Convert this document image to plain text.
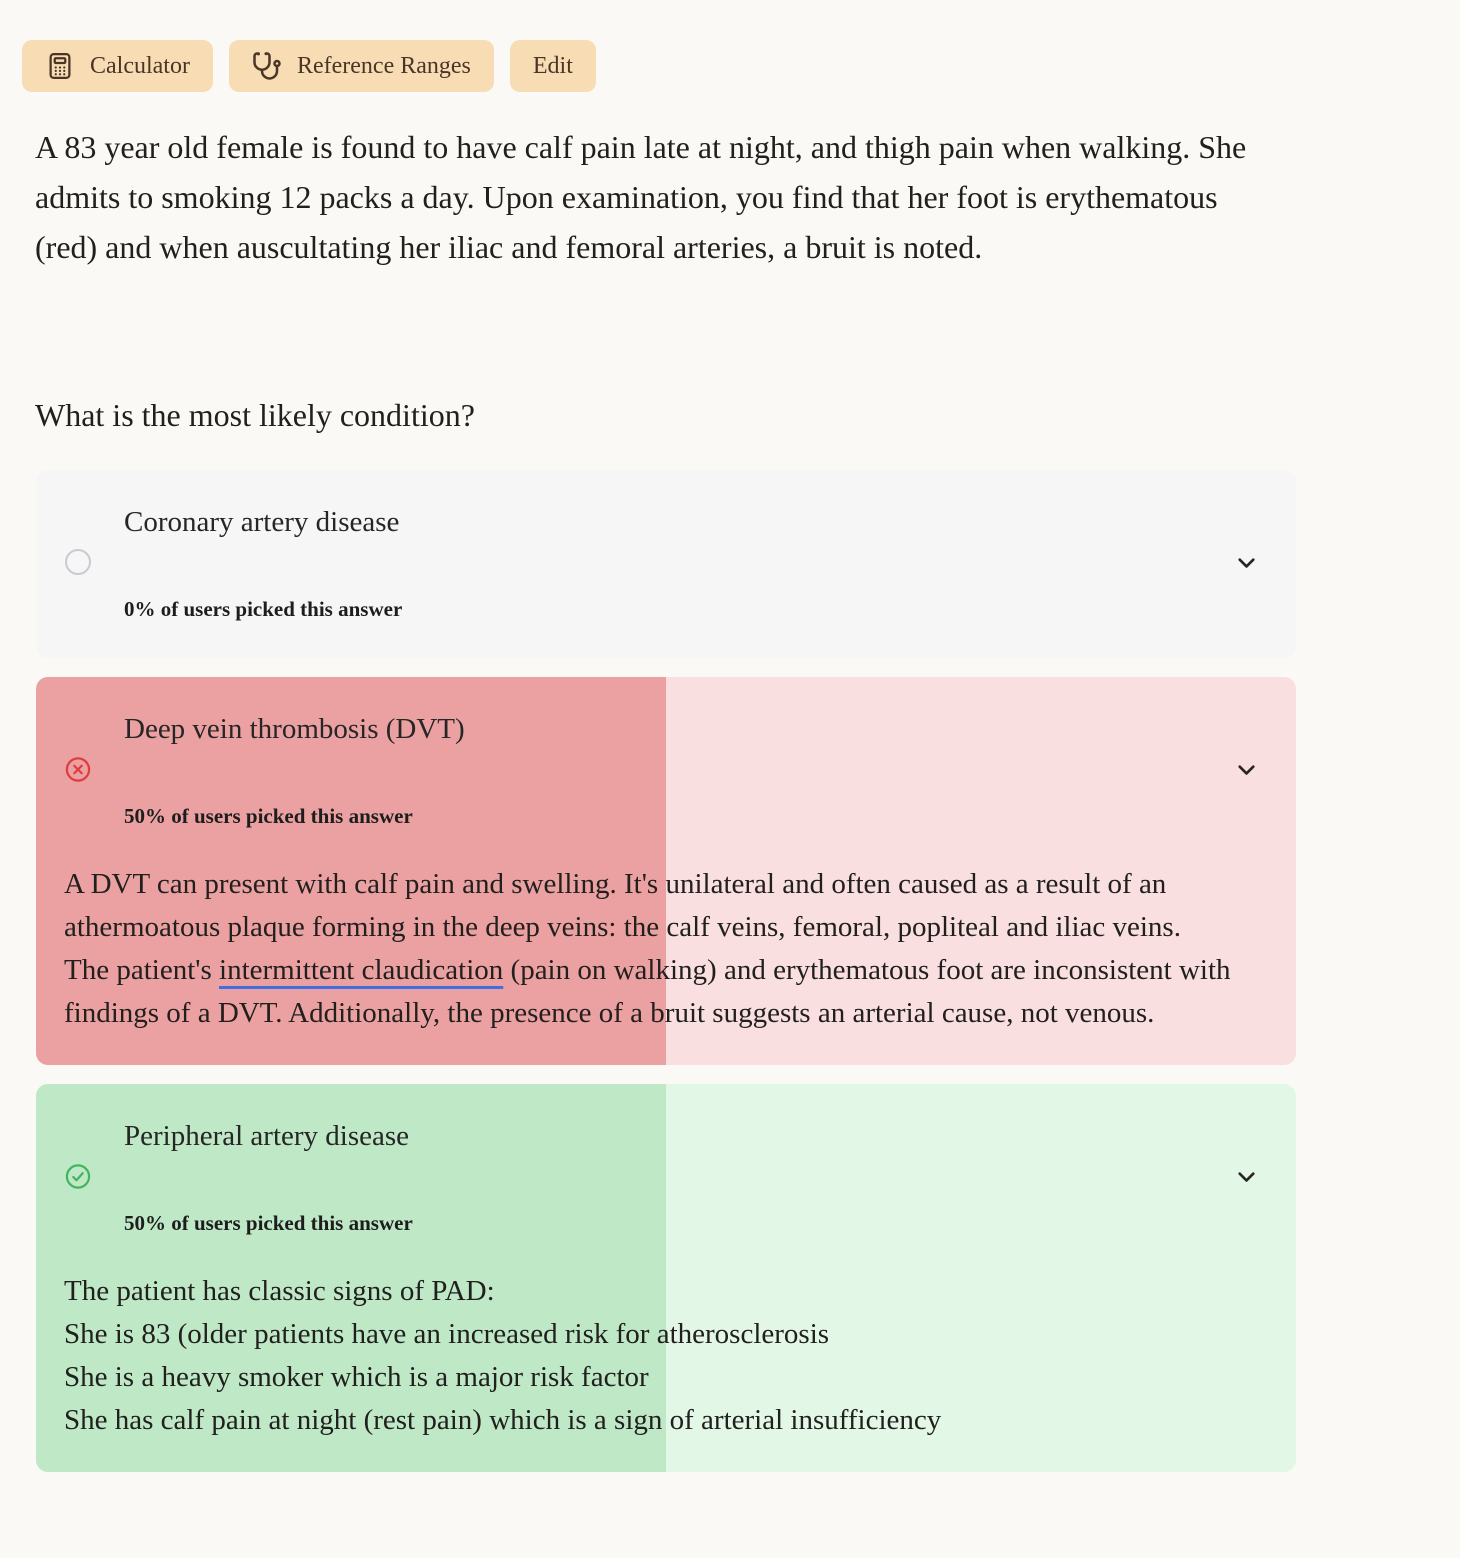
Calculator	Reference Ranges	Edit

A 83 year old female is found to have calf pain late at night, and thigh pain when walking. She admits to smoking 12 packs a day. Upon examination, you find that her foot is erythematous (red) and when auscultating her iliac and femoral arteries, a bruit is noted.

What is the most likely condition?

Coronary artery disease
0% of users picked this answer
Deep vein thrombosis (DVT)
50% of users picked this answer
A DVT can present with calf pain and swelling. It's unilateral and often caused as a result of an athermoatous plaque forming in the deep veins: the calf veins, femoral, popliteal and iliac veins.
The patient's intermittent claudication (pain on walking) and erythematous foot are inconsistent with findings of a DVT. Additionally, the presence of a bruit suggests an arterial cause, not venous.
Peripheral artery disease
50% of users picked this answer
The patient has classic signs of PAD:
She is 83 (older patients have an increased risk for atherosclerosis
She is a heavy smoker which is a major risk factor
She has calf pain at night (rest pain) which is a sign of arterial insufficiency
